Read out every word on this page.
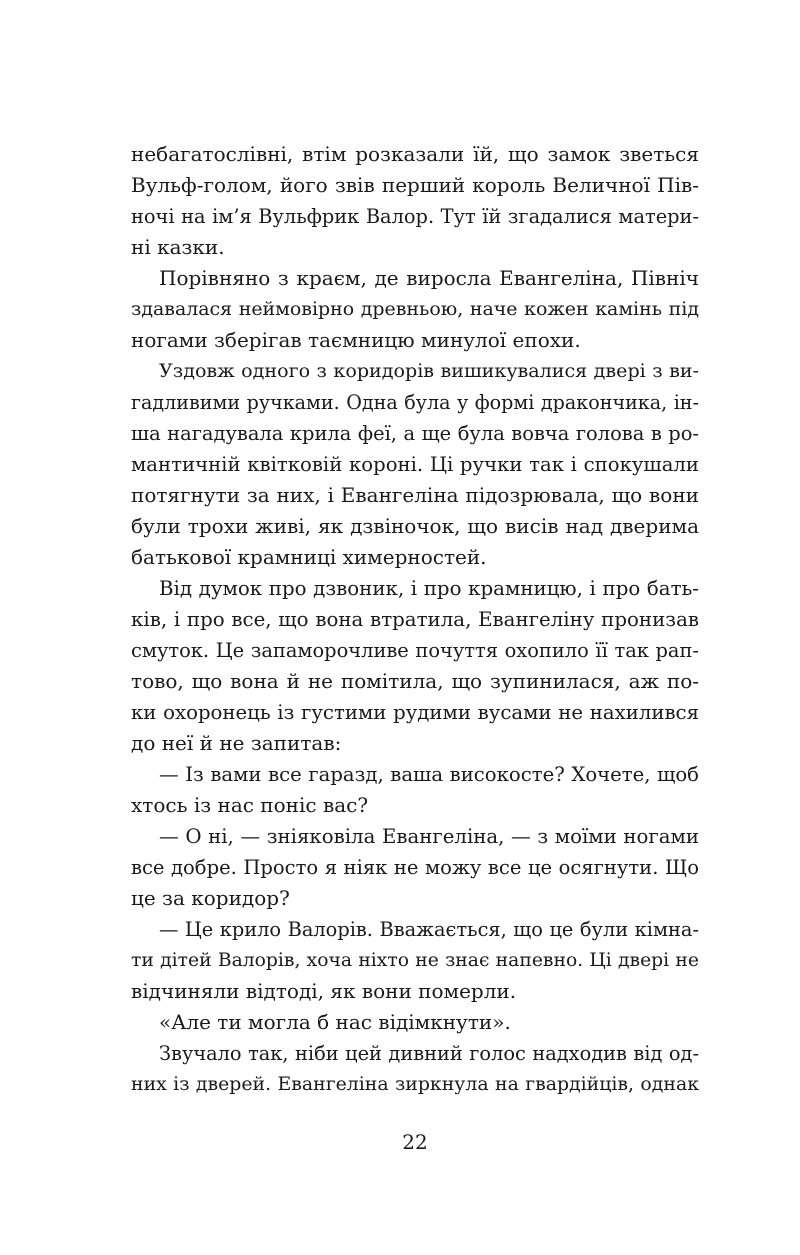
небагатослівні, втім розказали їй, що замок зветься
Вульф-голом, його звів перший король Величної Пів-
ночі на ім’я Вульфрик Валор. Тут їй згадалися матери-
ні казки.
Порівняно з краєм, де виросла Евангеліна, Північ
здавалася неймовірно древньою, наче кожен камінь під
ногами зберігав таємницю минулої епохи.
Уздовж одного з коридорів вишикувалися двері з ви-
гадливими ручками. Одна була у формі дракончика, ін-
ша нагадувала крила феї, а ще була вовча голова в ро-
мантичній квітковій короні. Ці ручки так і спокушали
потягнути за них, і Евангеліна підозрювала, що вони
були трохи живі, як дзвіночок, що висів над дверима
батькової крамниці химерностей.
Від думок про дзвоник, і про крамницю, і про бать-
ків, і про все, що вона втратила, Евангеліну пронизав
смуток. Це запаморочливе почуття охопило її так рап-
тово, що вона й не помітила, що зупинилася, аж по-
ки охоронець із густими рудими вусами не нахилився
до неї й не запитав:
— Із вами все гаразд, ваша високосте? Хочете, щоб
хтось із нас поніс вас?
— О ні, — зніяковіла Евангеліна, — з моїми ногами
все добре. Просто я ніяк не можу все це осягнути. Що
це за коридор?
— Це крило Валорів. Вважається, що це були кімна-
ти дітей Валорів, хоча ніхто не знає напевно. Ці двері не
відчиняли відтоді, як вони померли.
«Але ти могла б нас відімкнути».
Звучало так, ніби цей дивний голос надходив від од-
них із дверей. Евангеліна зиркнула на гвардійців, однак
22
